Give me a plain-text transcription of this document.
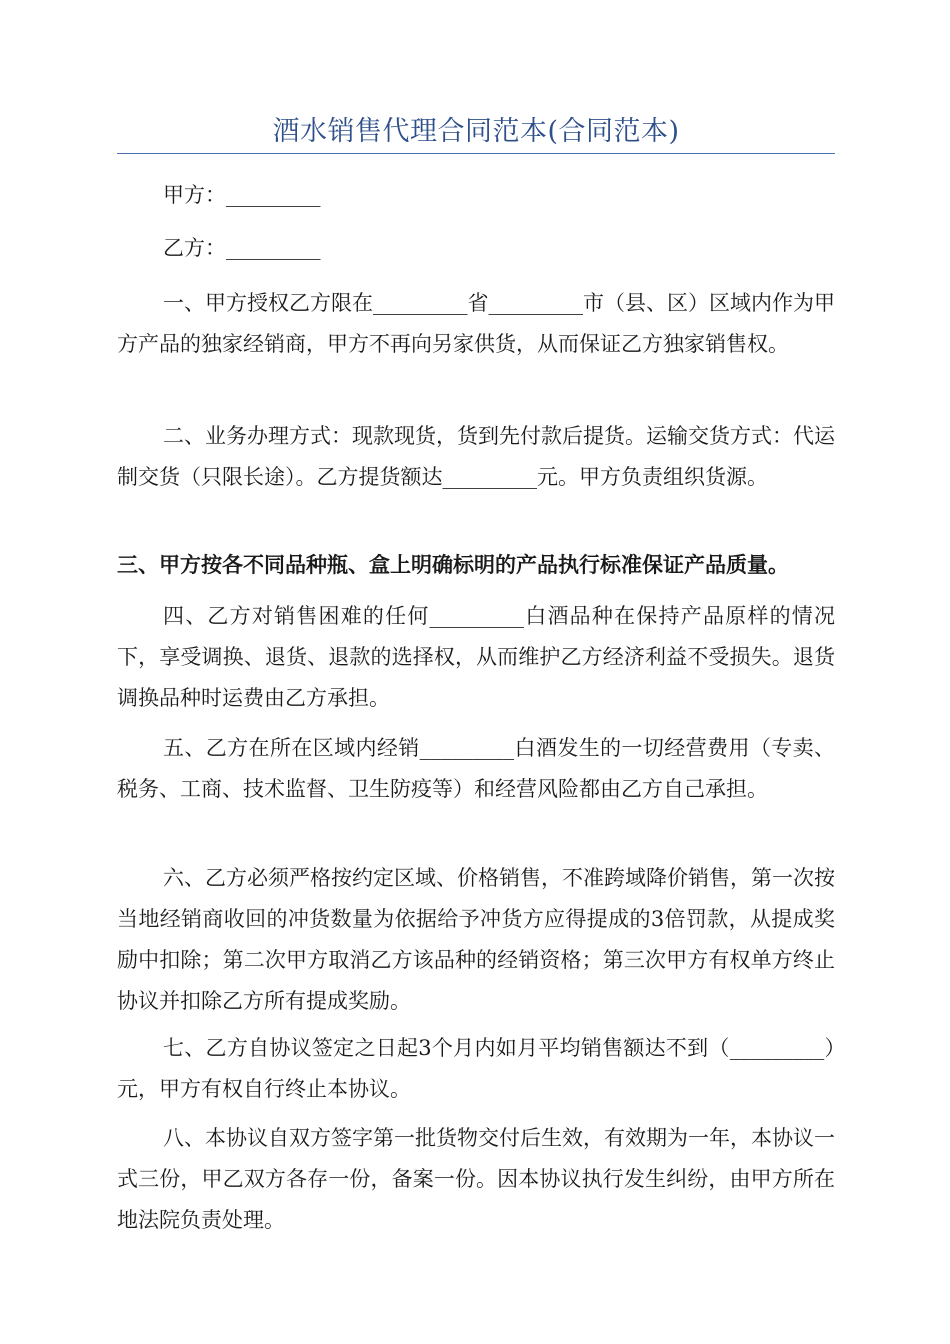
酒水销售代理合同范本(合同范本)

甲方：_________

乙方：_________

一、甲方授权乙方限在_________省_________市（县、区）区域内作为甲方产品的独家经销商，甲方不再向另家供货，从而保证乙方独家销售权。

二、业务办理方式：现款现货，货到先付款后提货。运输交货方式：代运制交货（只限长途）。乙方提货额达_________元。甲方负责组织货源。

三、甲方按各不同品种瓶、盒上明确标明的产品执行标准保证产品质量。

四、乙方对销售困难的任何_________白酒品种在保持产品原样的情况下，享受调换、退货、退款的选择权，从而维护乙方经济利益不受损失。退货调换品种时运费由乙方承担。

五、乙方在所在区域内经销_________白酒发生的一切经营费用（专卖、税务、工商、技术监督、卫生防疫等）和经营风险都由乙方自己承担。

六、乙方必须严格按约定区域、价格销售，不准跨域降价销售，第一次按当地经销商收回的冲货数量为依据给予冲货方应得提成的3倍罚款，从提成奖励中扣除；第二次甲方取消乙方该品种的经销资格；第三次甲方有权单方终止协议并扣除乙方所有提成奖励。

七、乙方自协议签定之日起3个月内如月平均销售额达不到（_________）元，甲方有权自行终止本协议。

八、本协议自双方签字第一批货物交付后生效，有效期为一年，本协议一式三份，甲乙双方各存一份，备案一份。因本协议执行发生纠纷，由甲方所在地法院负责处理。
